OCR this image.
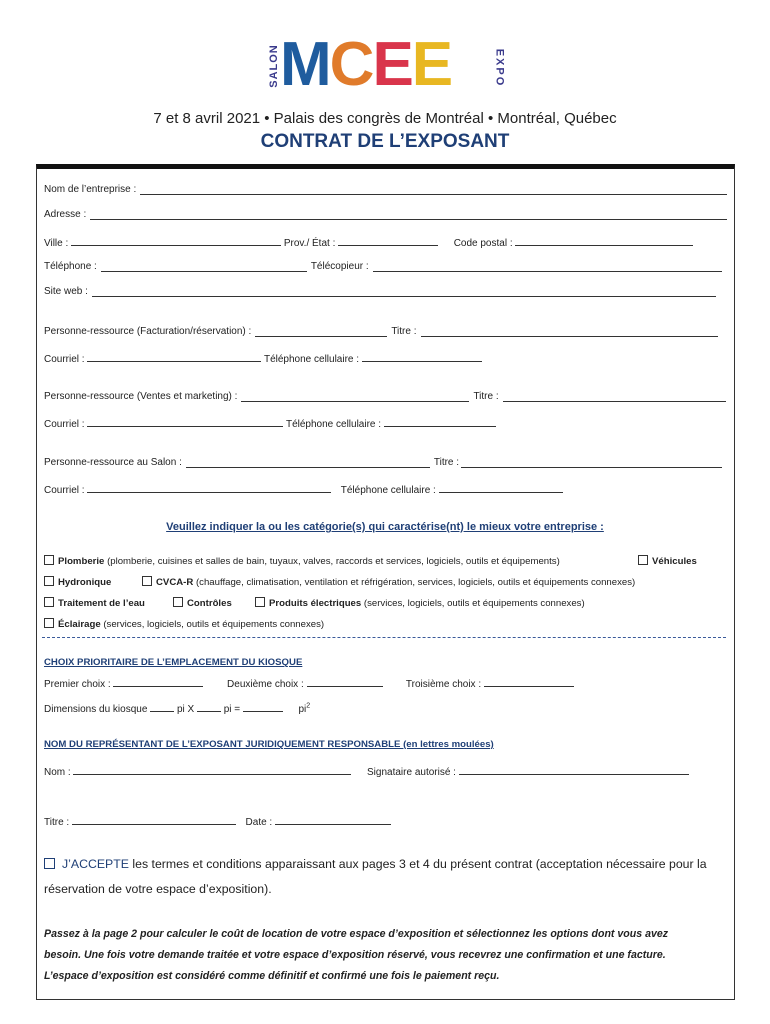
SALON MCEE	EXPO
7 et 8 avril 2021 • Palais des congrès de Montréal • Montréal, Québec
CONTRAT DE L’EXPOSANT
Nom de l’entreprise :
Adresse :
Ville :	Prov./ État :	Code postal :
Téléphone :	Télécopieur :
Site web :
Personne-ressource (Facturation/réservation) :	Titre :
Courriel :	Téléphone cellulaire :
Personne-ressource (Ventes et marketing) :	Titre :
Courriel :	Téléphone cellulaire :
Personne-ressource au Salon :	Titre :
Courriel :	Téléphone cellulaire :
Veuillez indiquer la ou les catégorie(s) qui caractérise(nt) le mieux votre entreprise :
Plomberie (plomberie, cuisines et salles de bain, tuyaux, valves, raccords et services, logiciels, outils et équipements)	Véhicules
Hydronique	CVCA-R (chauffage, climatisation, ventilation et réfrigération, services, logiciels, outils et équipements connexes)
Traitement de l’eau	Contrôles	Produits électriques (services, logiciels, outils et équipements connexes)
Éclairage (services, logiciels, outils et équipements connexes)
CHOIX PRIORITAIRE DE L’EMPLACEMENT DU KIOSQUE
Premier choix :	Deuxième choix :	Troisième choix :
Dimensions du kiosque	pi X	pi =	$pi^2$
NOM DU REPRÉSENTANT DE L’EXPOSANT JURIDIQUEMENT RESPONSABLE (en lettres moulées)
Nom :	Signataire autorisé :
Titre :	Date :
J’ACCEPTE les termes et conditions apparaissant aux pages 3 et 4 du présent contrat (acceptation nécessaire pour la
réservation de votre espace d’exposition).
Passez à la page 2 pour calculer le coût de location de votre espace d’exposition et sélectionnez les options dont vous avez
besoin. Une fois votre demande traitée et votre espace d’exposition réservé, vous recevrez une confirmation et une facture.
L’espace d’exposition est considéré comme définitif et confirmé une fois le paiement reçu.
